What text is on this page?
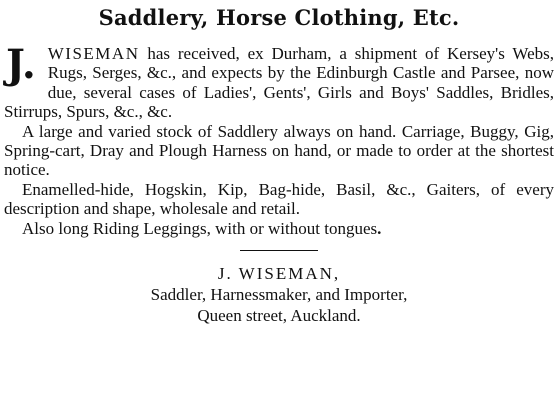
Saddlery, Horse Clothing, Etc.

J. WISEMAN has received, ex Durham, a shipment of Kersey's Webs, Rugs, Serges, &c., and expects by the Edinburgh Castle and Parsee, now due, several cases of Ladies', Gents', Girls and Boys' Saddles, Bridles, Stirrups, Spurs, &c., &c.

A large and varied stock of Saddlery always on hand. Carriage, Buggy, Gig, Spring-cart, Dray and Plough Harness on hand, or made to order at the shortest notice.

Enamelled-hide, Hogskin, Kip, Bag-hide, Basil, &c., Gaiters, of every description and shape, wholesale and retail.

Also long Riding Leggings, with or without tongues.

J. WISEMAN,

Saddler, Harnessmaker, and Importer,

Queen street, Auckland.
